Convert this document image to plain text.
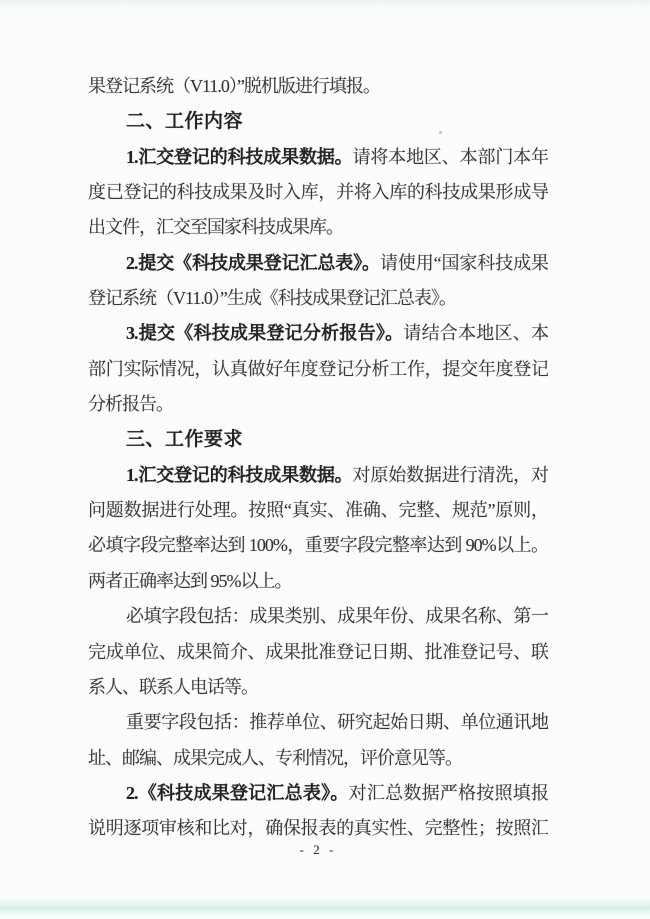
果登记系统（V11.0）”脱机版进行填报。
二、工作内容
1.汇交登记的科技成果数据。请将本地区、本部门本年
度已登记的科技成果及时入库，并将入库的科技成果形成导
出文件，汇交至国家科技成果库。
2.提交《科技成果登记汇总表》。请使用“国家科技成果
登记系统（V11.0）”生成《科技成果登记汇总表》。
3.提交《科技成果登记分析报告》。请结合本地区、本
部门实际情况，认真做好年度登记分析工作，提交年度登记
分析报告。
三、工作要求
1.汇交登记的科技成果数据。对原始数据进行清洗，对
问题数据进行处理。按照“真实、准确、完整、规范”原则，
必填字段完整率达到 100%，重要字段完整率达到 90%以上。
两者正确率达到 95%以上。
必填字段包括：成果类别、成果年份、成果名称、第一
完成单位、成果简介、成果批准登记日期、批准登记号、联
系人、联系人电话等。
重要字段包括：推荐单位、研究起始日期、单位通讯地
址、邮编、成果完成人、专利情况，评价意见等。
2.《科技成果登记汇总表》。对汇总数据严格按照填报
说明逐项审核和比对，确保报表的真实性、完整性；按照汇
- 2 -
